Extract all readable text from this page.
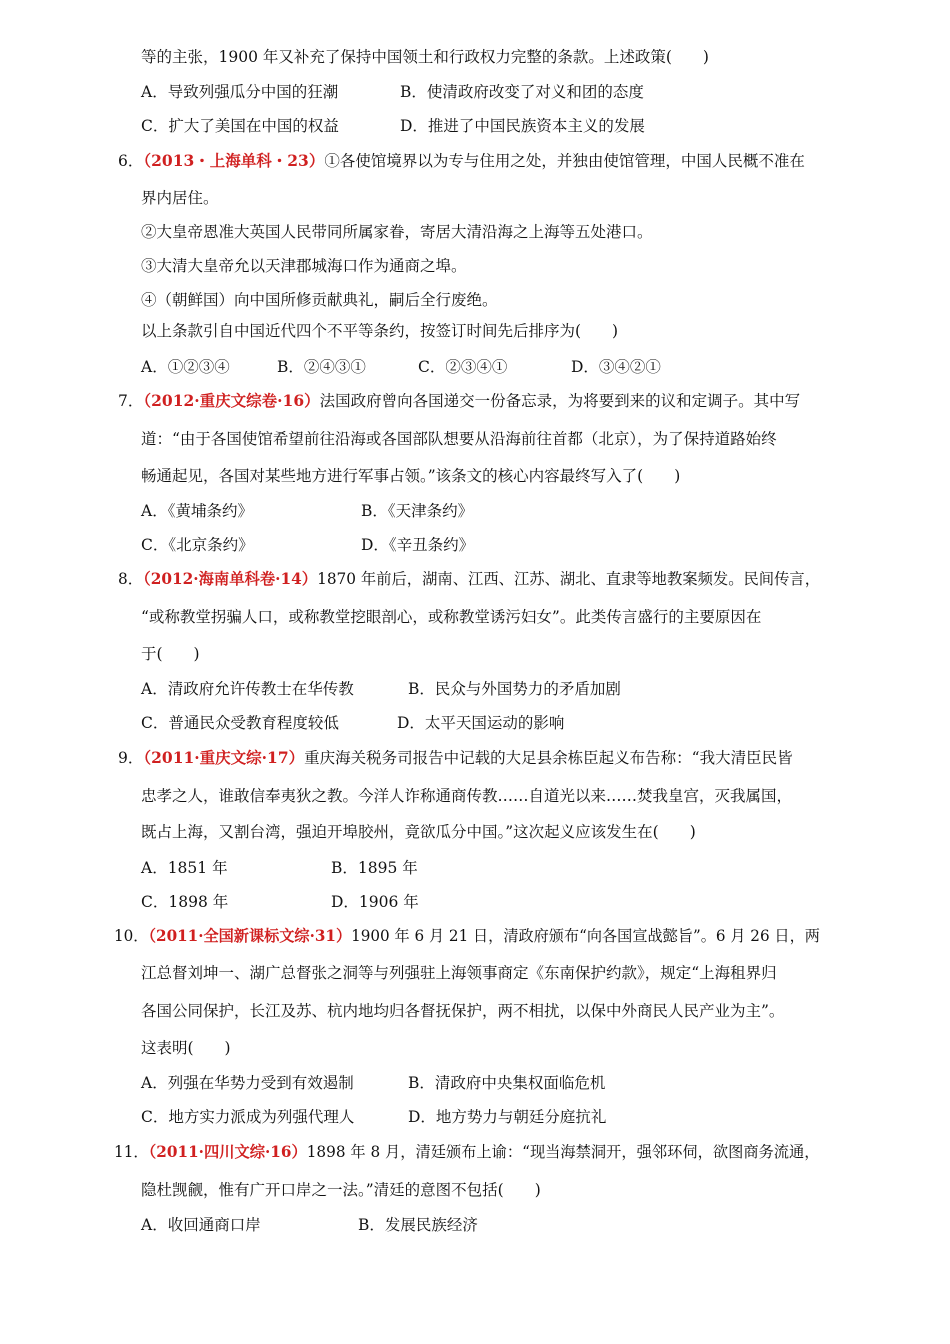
等的主张，1900 年又补充了保持中国领土和行政权力完整的条款。上述政策(　　)
A．导致列强瓜分中国的狂潮	B．使清政府改变了对义和团的态度
C．扩大了美国在中国的权益	D．推进了中国民族资本主义的发展
6．（2013・上海单科・23）①各使馆境界以为专与住用之处，并独由使馆管理，中国人民概不准在
界内居住。
②大皇帝恩准大英国人民带同所属家眷，寄居大清沿海之上海等五处港口。
③大清大皇帝允以天津郡城海口作为通商之埠。
④（朝鲜国）向中国所修贡献典礼，嗣后全行废绝。
以上条款引自中国近代四个不平等条约，按签订时间先后排序为(　　)
A．①②③④	B．②④③①	C．②③④①	D．③④②①
7．（2012·重庆文综卷·16）法国政府曾向各国递交一份备忘录，为将要到来的议和定调子。其中写
道：“由于各国使馆希望前往沿海或各国部队想要从沿海前往首都（北京），为了保持道路始终
畅通起见，各国对某些地方进行军事占领。”该条文的核心内容最终写入了(　　)
A．《黄埔条约》	B．《天津条约》
C．《北京条约》	D．《辛丑条约》
8．（2012·海南单科卷·14）1870 年前后，湖南、江西、江苏、湖北、直隶等地教案频发。民间传言，
“或称教堂拐骗人口，或称教堂挖眼剖心，或称教堂诱污妇女”。此类传言盛行的主要原因在
于(　　)
A．清政府允许传教士在华传教	B．民众与外国势力的矛盾加剧
C．普通民众受教育程度较低	D．太平天国运动的影响
9．（2011·重庆文综·17）重庆海关税务司报告中记载的大足县余栋臣起义布告称：“我大清臣民皆
忠孝之人，谁敢信奉夷狄之教。今洋人诈称通商传教……自道光以来……焚我皇宫，灭我属国，
既占上海，又割台湾，强迫开埠胶州，竟欲瓜分中国。”这次起义应该发生在(　　)
A．1851 年	B．1895 年
C．1898 年	D．1906 年
10．（2011·全国新课标文综·31）1900 年 6 月 21 日，清政府颁布“向各国宣战懿旨”。6 月 26 日，两
江总督刘坤一、湖广总督张之洞等与列强驻上海领事商定《东南保护约款》，规定“上海租界归
各国公同保护，长江及苏、杭内地均归各督抚保护，两不相扰，以保中外商民人民产业为主”。
这表明(　　)
A．列强在华势力受到有效遏制	B．清政府中央集权面临危机
C．地方实力派成为列强代理人	D．地方势力与朝廷分庭抗礼
11．（2011·四川文综·16）1898 年 8 月，清廷颁布上谕：“现当海禁洞开，强邻环伺，欲图商务流通，
隐杜觊觎，惟有广开口岸之一法。”清廷的意图不包括(　　)
A．收回通商口岸	B．发展民族经济
